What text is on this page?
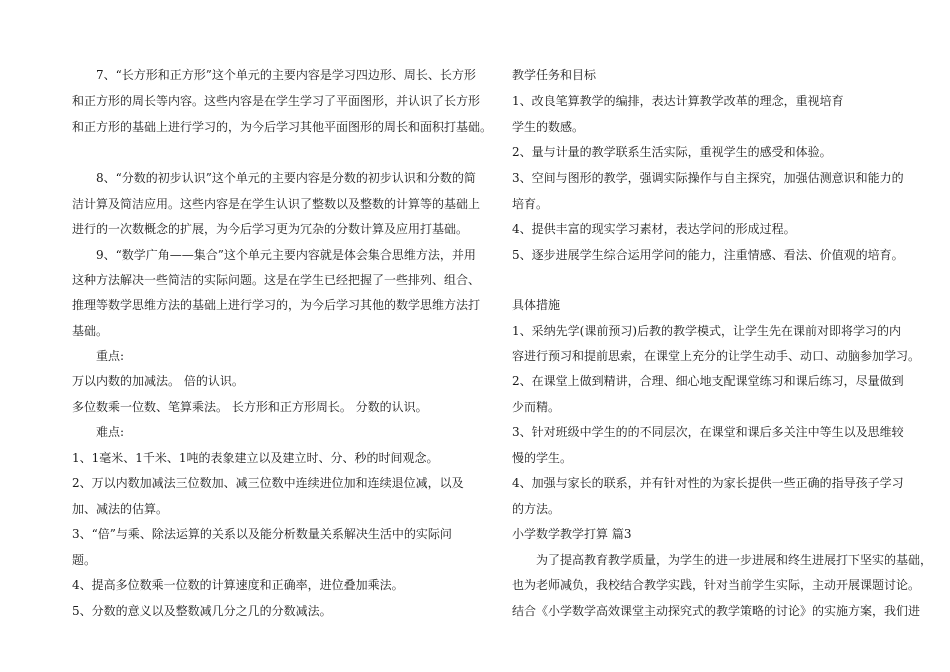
7、“长方形和正方形”这个单元的主要内容是学习四边形、周长、长方形
和正方形的周长等内容。这些内容是在学生学习了平面图形，并认识了长方形
和正方形的基础上进行学习的，为今后学习其他平面图形的周长和面积打基础。
8、“分数的初步认识”这个单元的主要内容是分数的初步认识和分数的简
洁计算及简洁应用。这些内容是在学生认识了整数以及整数的计算等的基础上
进行的一次数概念的扩展，为今后学习更为冗杂的分数计算及应用打基础。
9、“数学广角——集合”这个单元主要内容就是体会集合思维方法，并用
这种方法解决一些简洁的实际问题。这是在学生已经把握了一些排列、组合、
推理等数学思维方法的基础上进行学习的，为今后学习其他的数学思维方法打
基础。
重点:
万以内数的加减法。 倍的认识。
多位数乘一位数、笔算乘法。 长方形和正方形周长。 分数的认识。
难点:
1、1毫米、1千米、1吨的表象建立以及建立时、分、秒的时间观念。
2、万以内数加减法三位数加、减三位数中连续进位加和连续退位减，以及
加、减法的估算。
3、“倍”与乘、除法运算的关系以及能分析数量关系解决生活中的实际问
题。
4、提高多位数乘一位数的计算速度和正确率，进位叠加乘法。
5、分数的意义以及整数减几分之几的分数减法。
教学任务和目标
1、改良笔算教学的编排，表达计算教学改革的理念，重视培育
学生的数感。
2、量与计量的教学联系生活实际，重视学生的感受和体验。
3、空间与图形的教学，强调实际操作与自主探究，加强估测意识和能力的
培育。
4、提供丰富的现实学习素材，表达学问的形成过程。
5、逐步进展学生综合运用学问的能力，注重情感、看法、价值观的培育。
具体措施
1、采纳先学(课前预习)后教的教学模式，让学生先在课前对即将学习的内
容进行预习和提前思索，在课堂上充分的让学生动手、动口、动脑参加学习。
2、在课堂上做到精讲，合理、细心地支配课堂练习和课后练习，尽量做到
少而精。
3、针对班级中学生的的不同层次，在课堂和课后多关注中等生以及思维较
慢的学生。
4、加强与家长的联系，并有针对性的为家长提供一些正确的指导孩子学习
的方法。
小学数学教学打算 篇3
为了提高教育教学质量，为学生的进一步进展和终生进展打下坚实的基础，
也为老师减负，我校结合教学实践，针对当前学生实际，主动开展课题讨论。
结合《小学数学高效课堂主动探究式的教学策略的讨论》的实施方案，我们进
